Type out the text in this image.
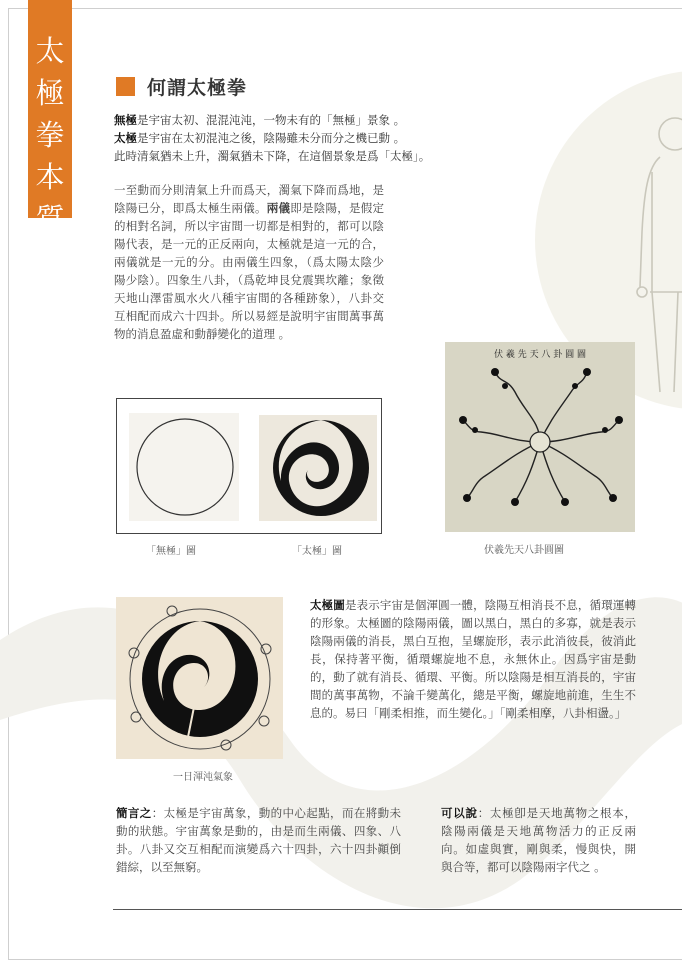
太
極
拳
本
質
何謂太極拳
無極是宇宙太初、混混沌沌，一物未有的「無極」景象 。
太極是宇宙在太初混沌之後，陰陽雖未分而分之機已動 。
此時清氣猶未上升，濁氣猶未下降，在這個景象是爲「太極」。
一至動而分則清氣上升而爲天，濁氣下降而爲地，是陰陽已分，即爲太極生兩儀。兩儀即是陰陽，是假定的相對名詞，所以宇宙間一切都是相對的，都可以陰陽代表，是一元的正反兩向，太極就是這一元的合，兩儀就是一元的分。由兩儀生四象，（爲太陽太陰少陽少陰）。四象生八卦，（爲乾坤艮兌震巽坎離；象徵天地山澤雷風水火八種宇宙間的各種跡象），八卦交互相配而成六十四卦。所以易經是說明宇宙間萬事萬物的消息盈虛和動靜變化的道理 。
「無極」圖	「太極」圖
伏 羲 先 天 八 卦 圓 圖
伏羲先天八卦圓圖
一日渾沌氣象
太極圖是表示宇宙是個渾圓一體，陰陽互相消長不息，循環運轉的形象。太極圖的陰陽兩儀，圖以黑白，黑白的多寡，就是表示陰陽兩儀的消長，黑白互抱，呈螺旋形，表示此消彼長，彼消此長，保持著平衡，循環螺旋地不息，永無休止。因爲宇宙是動的，動了就有消長、循環、平衡。所以陰陽是相互消長的，宇宙間的萬事萬物，不論千變萬化，總是平衡，螺旋地前進，生生不息的。易曰「剛柔相推，而生變化。」「剛柔相摩，八卦相盪。」
簡言之：太極是宇宙萬象，動的中心起點，而在將動未動的狀態。宇宙萬象是動的，由是而生兩儀、四象、八卦。八卦又交互相配而演變爲六十四卦，六十四卦顚倒錯綜，以至無窮。
可以說：太極卽是天地萬物之根本，陰陽兩儀是天地萬物活力的正反兩向。如虛與實，剛與柔，慢與快，開與合等，都可以陰陽兩字代之 。
